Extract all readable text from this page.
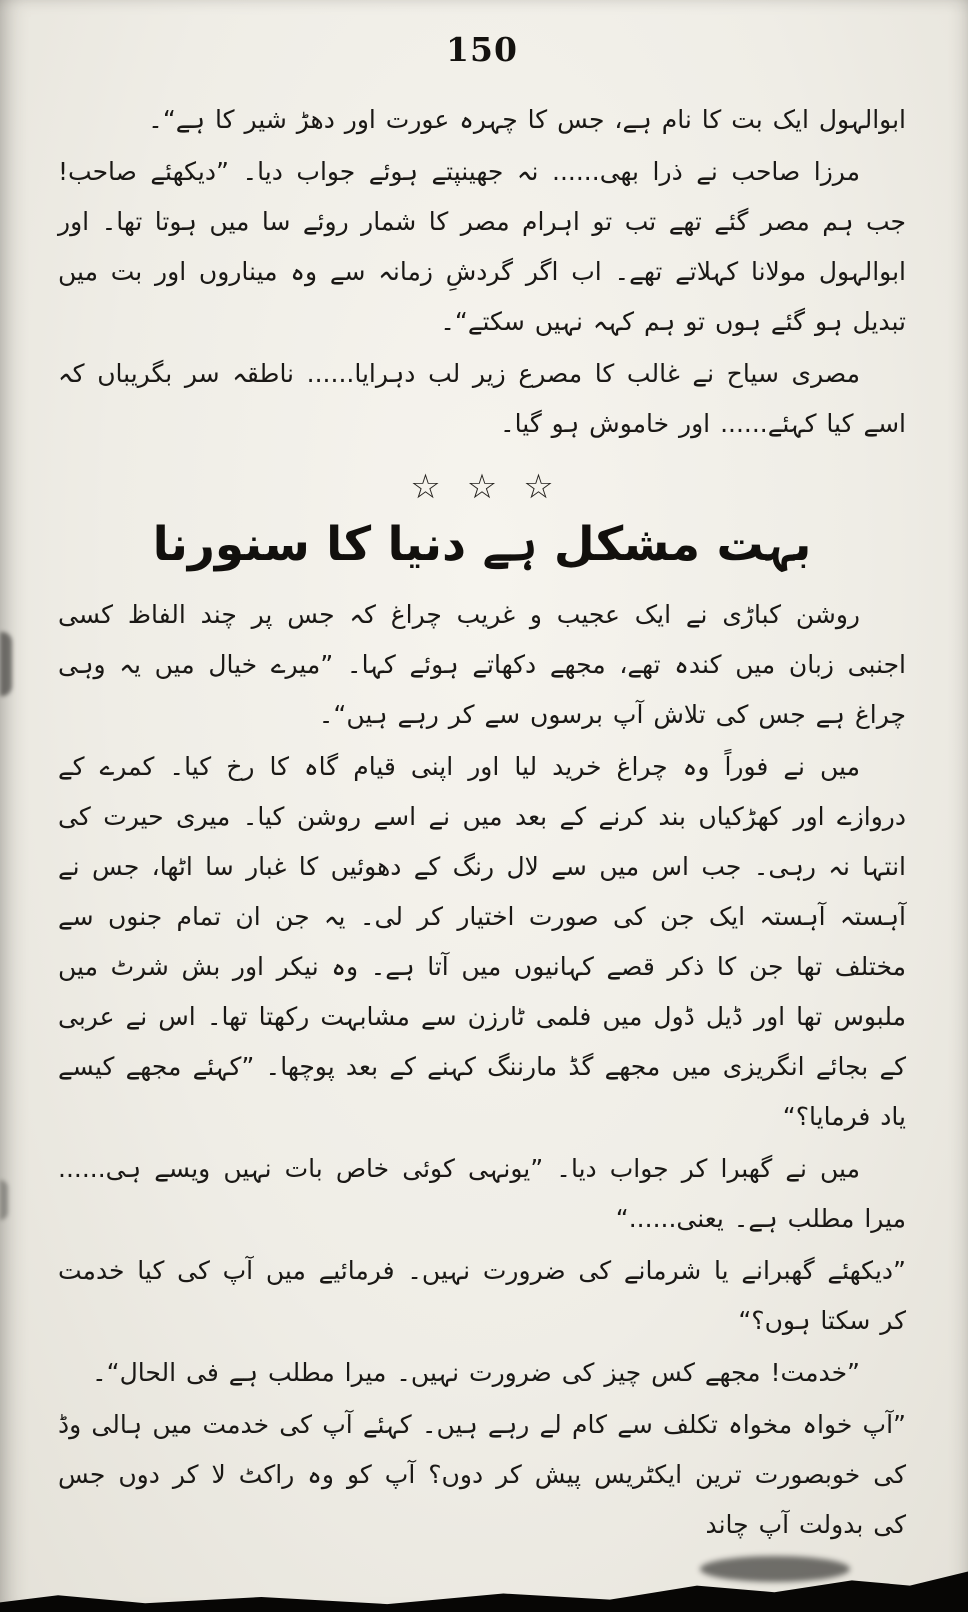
150

ابوالہول ایک بت کا نام ہے، جس کا چہرہ عورت اور دھڑ شیر کا ہے“۔

مرزا صاحب نے ذرا بھی...... نہ جھینپتے ہوئے جواب دیا۔ ”دیکھئے صاحب! جب ہم مصر گئے تھے تب تو اہرام مصر کا شمار روئے سا میں ہوتا تھا۔ اور ابوالہول مولانا کہلاتے تھے۔ اب اگر گردشِ زمانہ سے وہ میناروں اور بت میں تبدیل ہو گئے ہوں تو ہم کہہ نہیں سکتے“۔

مصری سیاح نے غالب کا مصرع زیر لب دہرایا...... ناطقہ سر بگریباں کہ اسے کیا کہئے...... اور خاموش ہو گیا۔

☆☆☆
بہت مشکل ہے دنیا کا سنورنا

روشن کباڑی نے ایک عجیب و غریب چراغ کہ جس پر چند الفاظ کسی اجنبی زبان میں کندہ تھے، مجھے دکھاتے ہوئے کہا۔ ”میرے خیال میں یہ وہی چراغ ہے جس کی تلاش آپ برسوں سے کر رہے ہیں“۔

میں نے فوراً وہ چراغ خرید لیا اور اپنی قیام گاہ کا رخ کیا۔ کمرے کے دروازے اور کھڑکیاں بند کرنے کے بعد میں نے اسے روشن کیا۔ میری حیرت کی انتہا نہ رہی۔ جب اس میں سے لال رنگ کے دھوئیں کا غبار سا اٹھا، جس نے آہستہ آہستہ ایک جن کی صورت اختیار کر لی۔ یہ جن ان تمام جنوں سے مختلف تھا جن کا ذکر قصے کہانیوں میں آتا ہے۔ وہ نیکر اور بش شرٹ میں ملبوس تھا اور ڈیل ڈول میں فلمی ٹارزن سے مشابہت رکھتا تھا۔ اس نے عربی کے بجائے انگریزی میں مجھے گڈ مارننگ کہنے کے بعد پوچھا۔ ”کہئے مجھے کیسے یاد فرمایا؟“

میں نے گھبرا کر جواب دیا۔ ”یونہی کوئی خاص بات نہیں ویسے ہی...... میرا مطلب ہے۔ یعنی......“

”دیکھئے گھبرانے یا شرمانے کی ضرورت نہیں۔ فرمائیے میں آپ کی کیا خدمت کر سکتا ہوں؟“

”خدمت! مجھے کس چیز کی ضرورت نہیں۔ میرا مطلب ہے فی الحال“۔

”آپ خواہ مخواہ تکلف سے کام لے رہے ہیں۔ کہئے آپ کی خدمت میں ہالی وڈ کی خوبصورت ترین ایکٹریس پیش کر دوں؟ آپ کو وہ راکٹ لا کر دوں جس کی بدولت آپ چاند
